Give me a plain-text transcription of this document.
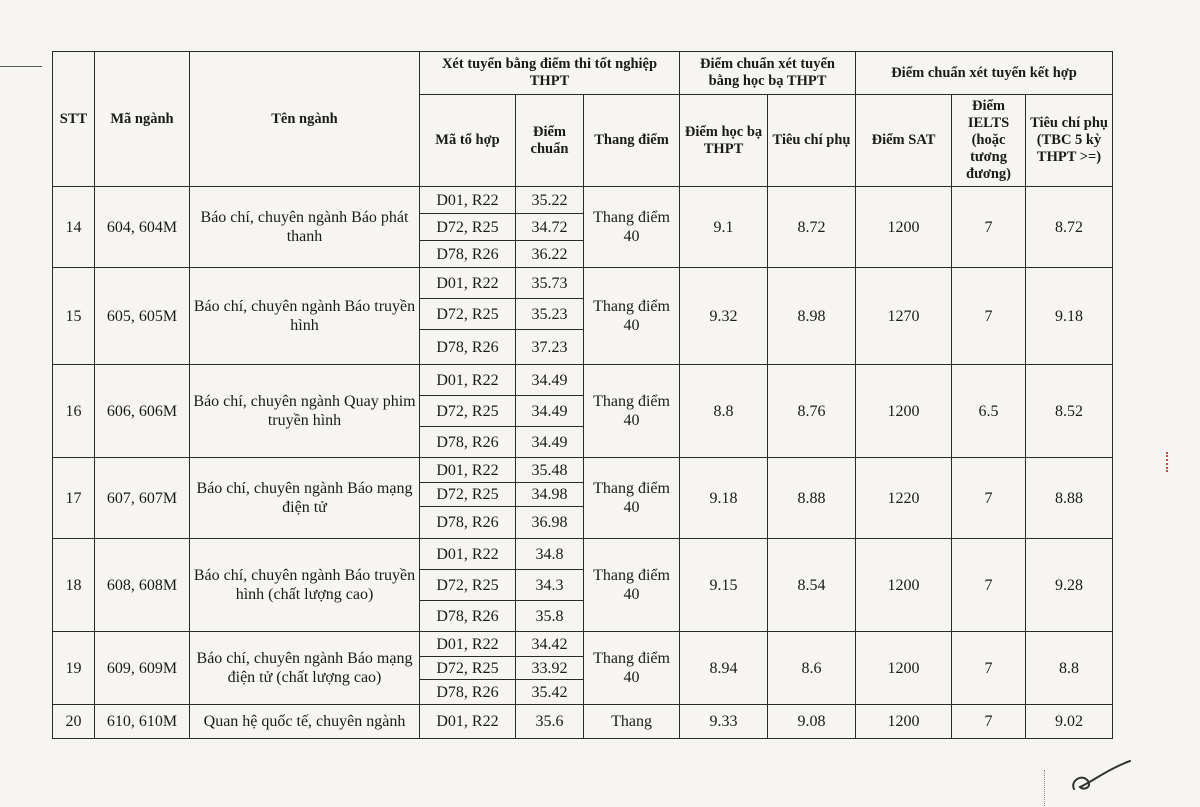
STT	Mã ngành	Tên ngành	Xét tuyển bằng điểm thi tốt nghiệp THPT			Điểm chuẩn xét tuyển bằng học bạ THPT		Điểm chuẩn xét tuyển kết hợp		
			Mã tổ hợp	Điểm chuẩn	Thang điểm	Điểm học bạ THPT	Tiêu chí phụ	Điểm SAT	Điểm IELTS (hoặc tương đương)	Tiêu chí phụ (TBC 5 kỳ THPT >=)
14	604, 604M	Báo chí, chuyên ngành Báo phát thanh	D01, R22	35.22	Thang điểm 40	9.1	8.72	1200	7	8.72
			D72, R25	34.72						
			D78, R26	36.22						
15	605, 605M	Báo chí, chuyên ngành Báo truyền hình	D01, R22	35.73	Thang điểm 40	9.32	8.98	1270	7	9.18
			D72, R25	35.23						
			D78, R26	37.23						
16	606, 606M	Báo chí, chuyên ngành Quay phim truyền hình	D01, R22	34.49	Thang điểm 40	8.8	8.76	1200	6.5	8.52
			D72, R25	34.49						
			D78, R26	34.49						
17	607, 607M	Báo chí, chuyên ngành Báo mạng điện tử	D01, R22	35.48	Thang điểm 40	9.18	8.88	1220	7	8.88
			D72, R25	34.98						
			D78, R26	36.98						
18	608, 608M	Báo chí, chuyên ngành Báo truyền hình (chất lượng cao)	D01, R22	34.8	Thang điểm 40	9.15	8.54	1200	7	9.28
			D72, R25	34.3						
			D78, R26	35.8						
19	609, 609M	Báo chí, chuyên ngành Báo mạng điện tử (chất lượng cao)	D01, R22	34.42	Thang điểm 40	8.94	8.6	1200	7	8.8
			D72, R25	33.92						
			D78, R26	35.42						
20	610, 610M	Quan hệ quốc tế, chuyên ngành	D01, R22	35.6	Thang	9.33	9.08	1200	7	9.02
